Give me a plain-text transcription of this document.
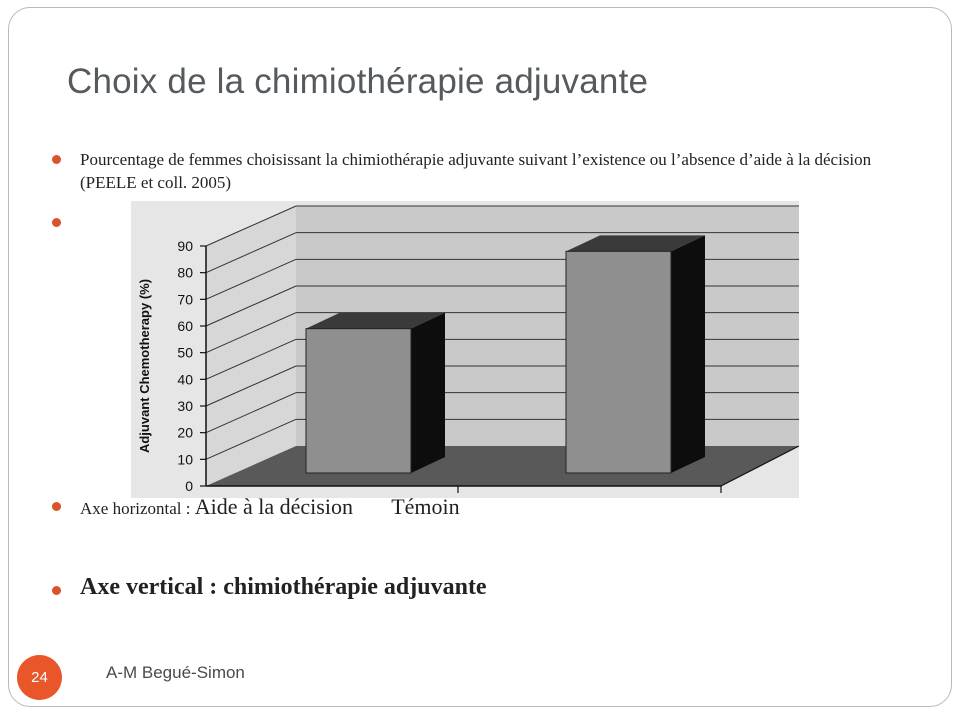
Choix de la chimiothérapie adjuvante
Pourcentage de femmes choisissant la chimiothérapie adjuvante suivant l’existence ou l’absence d’aide à la décision (PEELE et coll. 2005)
0
10
20
30
40
50
60
70
80
90
Adjuvant Chemotherapy (%)
Axe horizontal : Aide à la décision Témoin
Axe vertical : chimiothérapie adjuvante
24	A-M Begué-Simon
